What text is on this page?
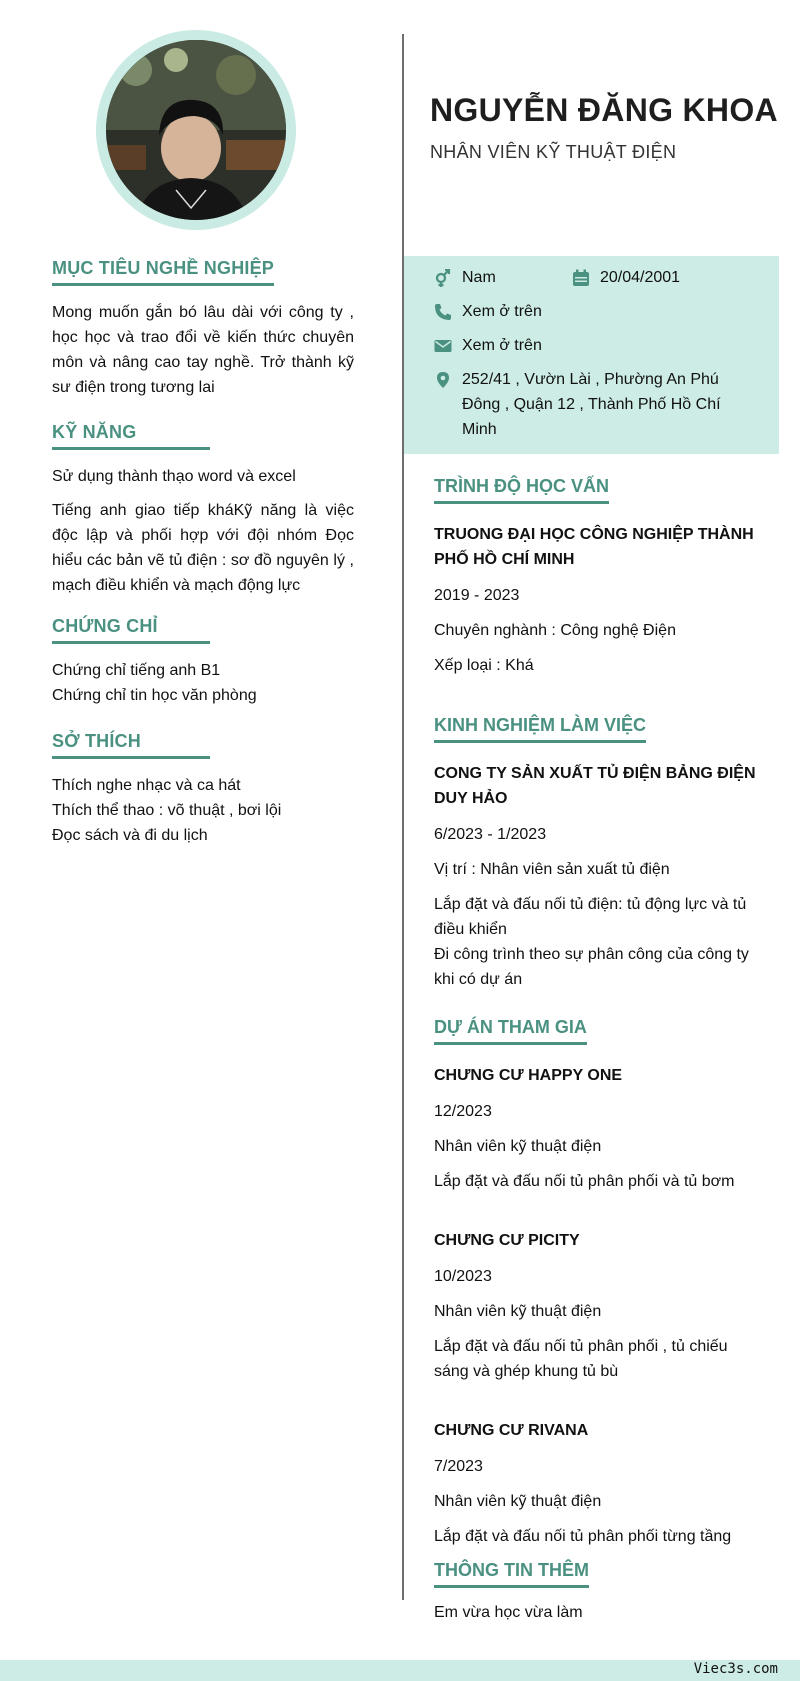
MỤC TIÊU NGHỀ NGHIỆP

Mong muốn gắn bó lâu dài với công ty , học học và trao đổi về kiến thức chuyên môn và nâng cao tay nghề. Trở thành kỹ sư điện trong tương lai

KỸ NĂNG

Sử dụng thành thạo word và excel

Tiếng anh giao tiếp kháKỹ năng là việc độc lập và phối hợp với đội nhóm Đọc hiểu các bản vẽ tủ điện : sơ đồ nguyên lý , mạch điều khiển và mạch động lực

CHỨNG CHỈ

Chứng chỉ tiếng anh B1

Chứng chỉ tin học văn phòng

SỞ THÍCH

Thích nghe nhạc và ca hát

Thích thể thao : võ thuật , bơi lội

Đọc sách và đi du lịch

NGUYỄN ĐĂNG KHOA
NHÂN VIÊN KỸ THUẬT ĐIỆN
Nam	20/04/2001
Xem ở trên
Xem ở trên
252/41 , Vườn Lài , Phường An Phú Đông , Quận 12 , Thành Phố Hồ Chí Minh
TRÌNH ĐỘ HỌC VẤN

TRUONG ĐẠI HỌC CÔNG NGHIỆP THÀNH PHỐ HỒ CHÍ MINH

2019 - 2023

Chuyên nghành : Công nghệ Điện

Xếp loại : Khá

KINH NGHIỆM LÀM VIỆC

CONG TY SẢN XUẤT TỦ ĐIỆN BẢNG ĐIỆN DUY HẢO

6/2023 - 1/2023

Vị trí : Nhân viên sản xuất tủ điện

Lắp đặt và đấu nối tủ điện: tủ động lực và tủ điều khiển

Đi công trình theo sự phân công của công ty khi có dự án

DỰ ÁN THAM GIA

CHƯNG CƯ HAPPY ONE

12/2023

Nhân viên kỹ thuật điện

Lắp đặt và đấu nối tủ phân phối và tủ bơm

CHƯNG CƯ PICITY

10/2023

Nhân viên kỹ thuật điện

Lắp đặt và đấu nối tủ phân phối , tủ chiếu sáng và ghép khung tủ bù

CHƯNG CƯ RIVANA

7/2023

Nhân viên kỹ thuật điện

Lắp đặt và đấu nối tủ phân phối từng tầng

THÔNG TIN THÊM

Em vừa học vừa làm

Viec3s.com
